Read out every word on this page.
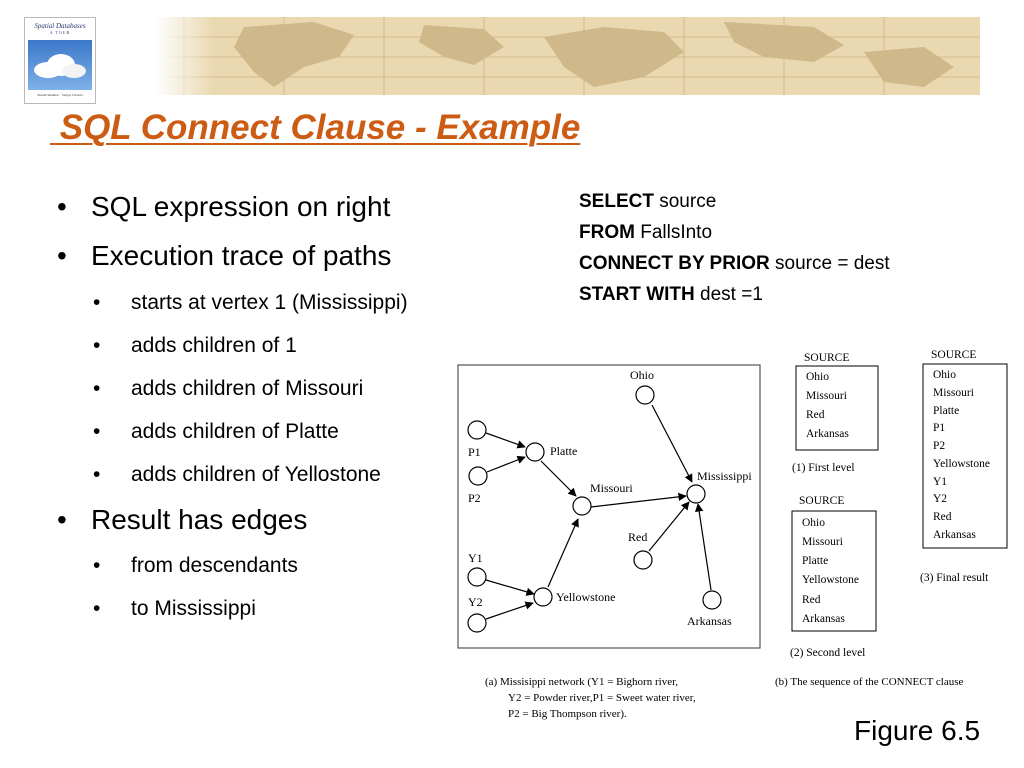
Spatial Databases
A TOUR
Shashi Shekhar · Sanjay Chawla
SQL Connect Clause - Example
• SQL expression on right
• Execution trace of paths
• starts at vertex 1 (Mississippi)
• adds children of 1
• adds children of Missouri
• adds children of Platte
• adds children of Yellostone
• Result has edges
• from descendants
• to Mississippi
SELECT source
FROM FallsInto
CONNECT BY PRIOR source = dest
START WITH dest =1
Ohio
P1	Platte
P2
Missouri
Mississippi
Red
Y1
Yellowstone
Y2
Arkansas
(a) Missisippi network (Y1 = Bighorn river,
Y2 = Powder river,P1 = Sweet water river,
P2 = Big Thompson river).
(b) The sequence of the CONNECT clause
SOURCE
Ohio
Missouri
Red
Arkansas
(1) First level
SOURCE
Ohio
Missouri
Platte
Yellowstone
Red
Arkansas
(2) Second level
SOURCE
Ohio
Missouri
Platte
P1
P2
Yellowstone
Y1
Y2
Red
Arkansas
(3) Final result
Figure 6.5
